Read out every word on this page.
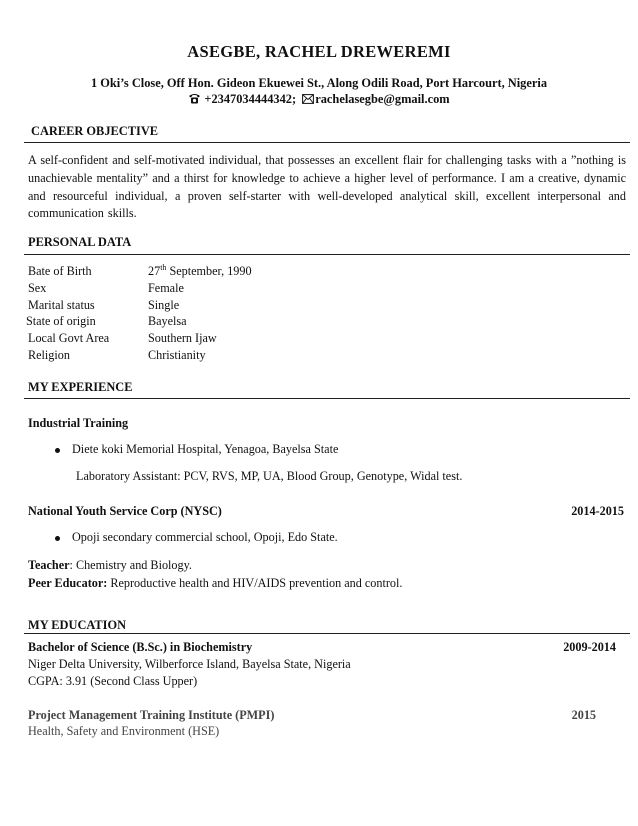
ASEGBE, RACHEL DREWEREMI
1 Oki’s Close, Off Hon. Gideon Ekuewei St., Along Odili Road, Port Harcourt, Nigeria
+2347034444342; rachelasegbe@gmail.com
CAREER OBJECTIVE
A self-confident and self-motivated individual, that possesses an excellent flair for challenging tasks with a ”nothing is unachievable mentality” and a thirst for knowledge to achieve a higher level of performance. I am a creative, dynamic and resourceful individual, a proven self-starter with well-developed analytical skill, excellent interpersonal and communication skills.
PERSONAL DATA
Bate of Birth	27th September, 1990
Sex	Female
Marital status	Single
State of origin	Bayelsa
Local Govt Area	Southern Ijaw
Religion	Christianity
MY EXPERIENCE
Industrial Training
Diete koki Memorial Hospital, Yenagoa, Bayelsa State
Laboratory Assistant: PCV, RVS, MP, UA, Blood Group, Genotype, Widal test.
National Youth Service Corp (NYSC)	2014-2015
Opoji secondary commercial school, Opoji, Edo State.
Teacher: Chemistry and Biology.
Peer Educator: Reproductive health and HIV/AIDS prevention and control.
MY EDUCATION
Bachelor of Science (B.Sc.) in Biochemistry	2009-2014
Niger Delta University, Wilberforce Island, Bayelsa State, Nigeria
CGPA: 3.91 (Second Class Upper)
Project Management Training Institute (PMPI)	2015
Health, Safety and Environment (HSE)
